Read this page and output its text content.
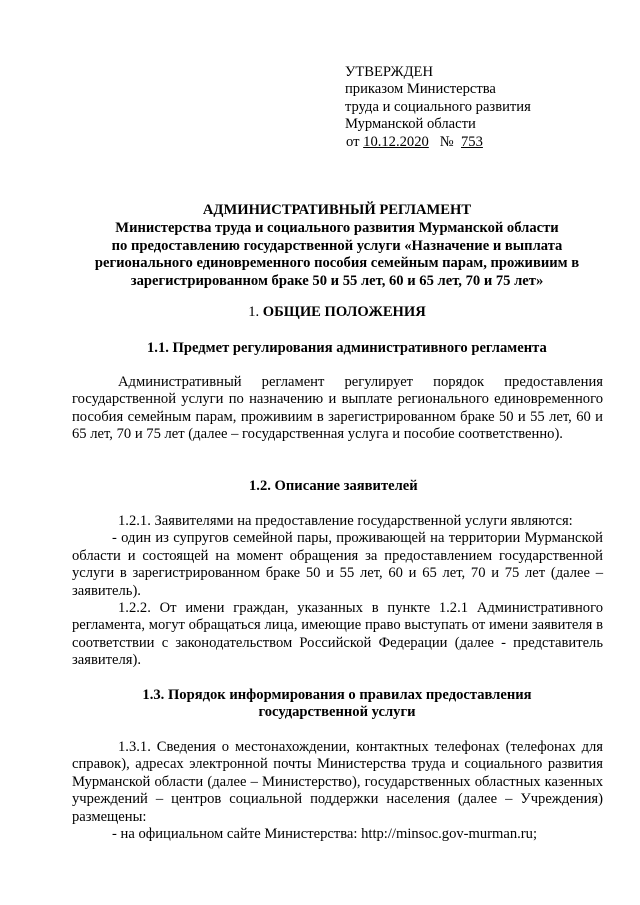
УТВЕРЖДЕН
приказом Министерства
труда и социального развития
Мурманской области
от 10.12.2020 № 753
АДМИНИСТРАТИВНЫЙ РЕГЛАМЕНТ
Министерства труда и социального развития Мурманской области
по предоставлению государственной услуги «Назначение и выплата
регионального единовременного пособия семейным парам, проживиим в
зарегистрированном браке 50 и 55 лет, 60 и 65 лет, 70 и 75 лет»
1. ОБЩИЕ ПОЛОЖЕНИЯ
1.1. Предмет регулирования административного регламента

Административный регламент регулирует порядок предоставления государственной услуги по назначению и выплате регионального единовременного пособия семейным парам, проживиим в зарегистрированном браке 50 и 55 лет, 60 и 65 лет, 70 и 75 лет (далее – государственная услуга и пособие соответственно).

1.2. Описание заявителей

1.2.1. Заявителями на предоставление государственной услуги являются:

- один из супругов семейной пары, проживающей на территории Мурманской области и состоящей на момент обращения за предоставлением государственной услуги в зарегистрированном браке 50 и 55 лет, 60 и 65 лет, 70 и 75 лет (далее – заявитель).

1.2.2. От имени граждан, указанных в пункте 1.2.1 Административного регламента, могут обращаться лица, имеющие право выступать от имени заявителя в соответствии с законодательством Российской Федерации (далее - представитель заявителя).

1.3. Порядок информирования о правилах предоставления
государственной услуги

1.3.1. Сведения о местонахождении, контактных телефонах (телефонах для справок), адресах электронной почты Министерства труда и социального развития Мурманской области (далее – Министерство), государственных областных казенных учреждений – центров социальной поддержки населения (далее – Учреждения) размещены:

- на официальном сайте Министерства: http://minsoc.gov-murman.ru;
